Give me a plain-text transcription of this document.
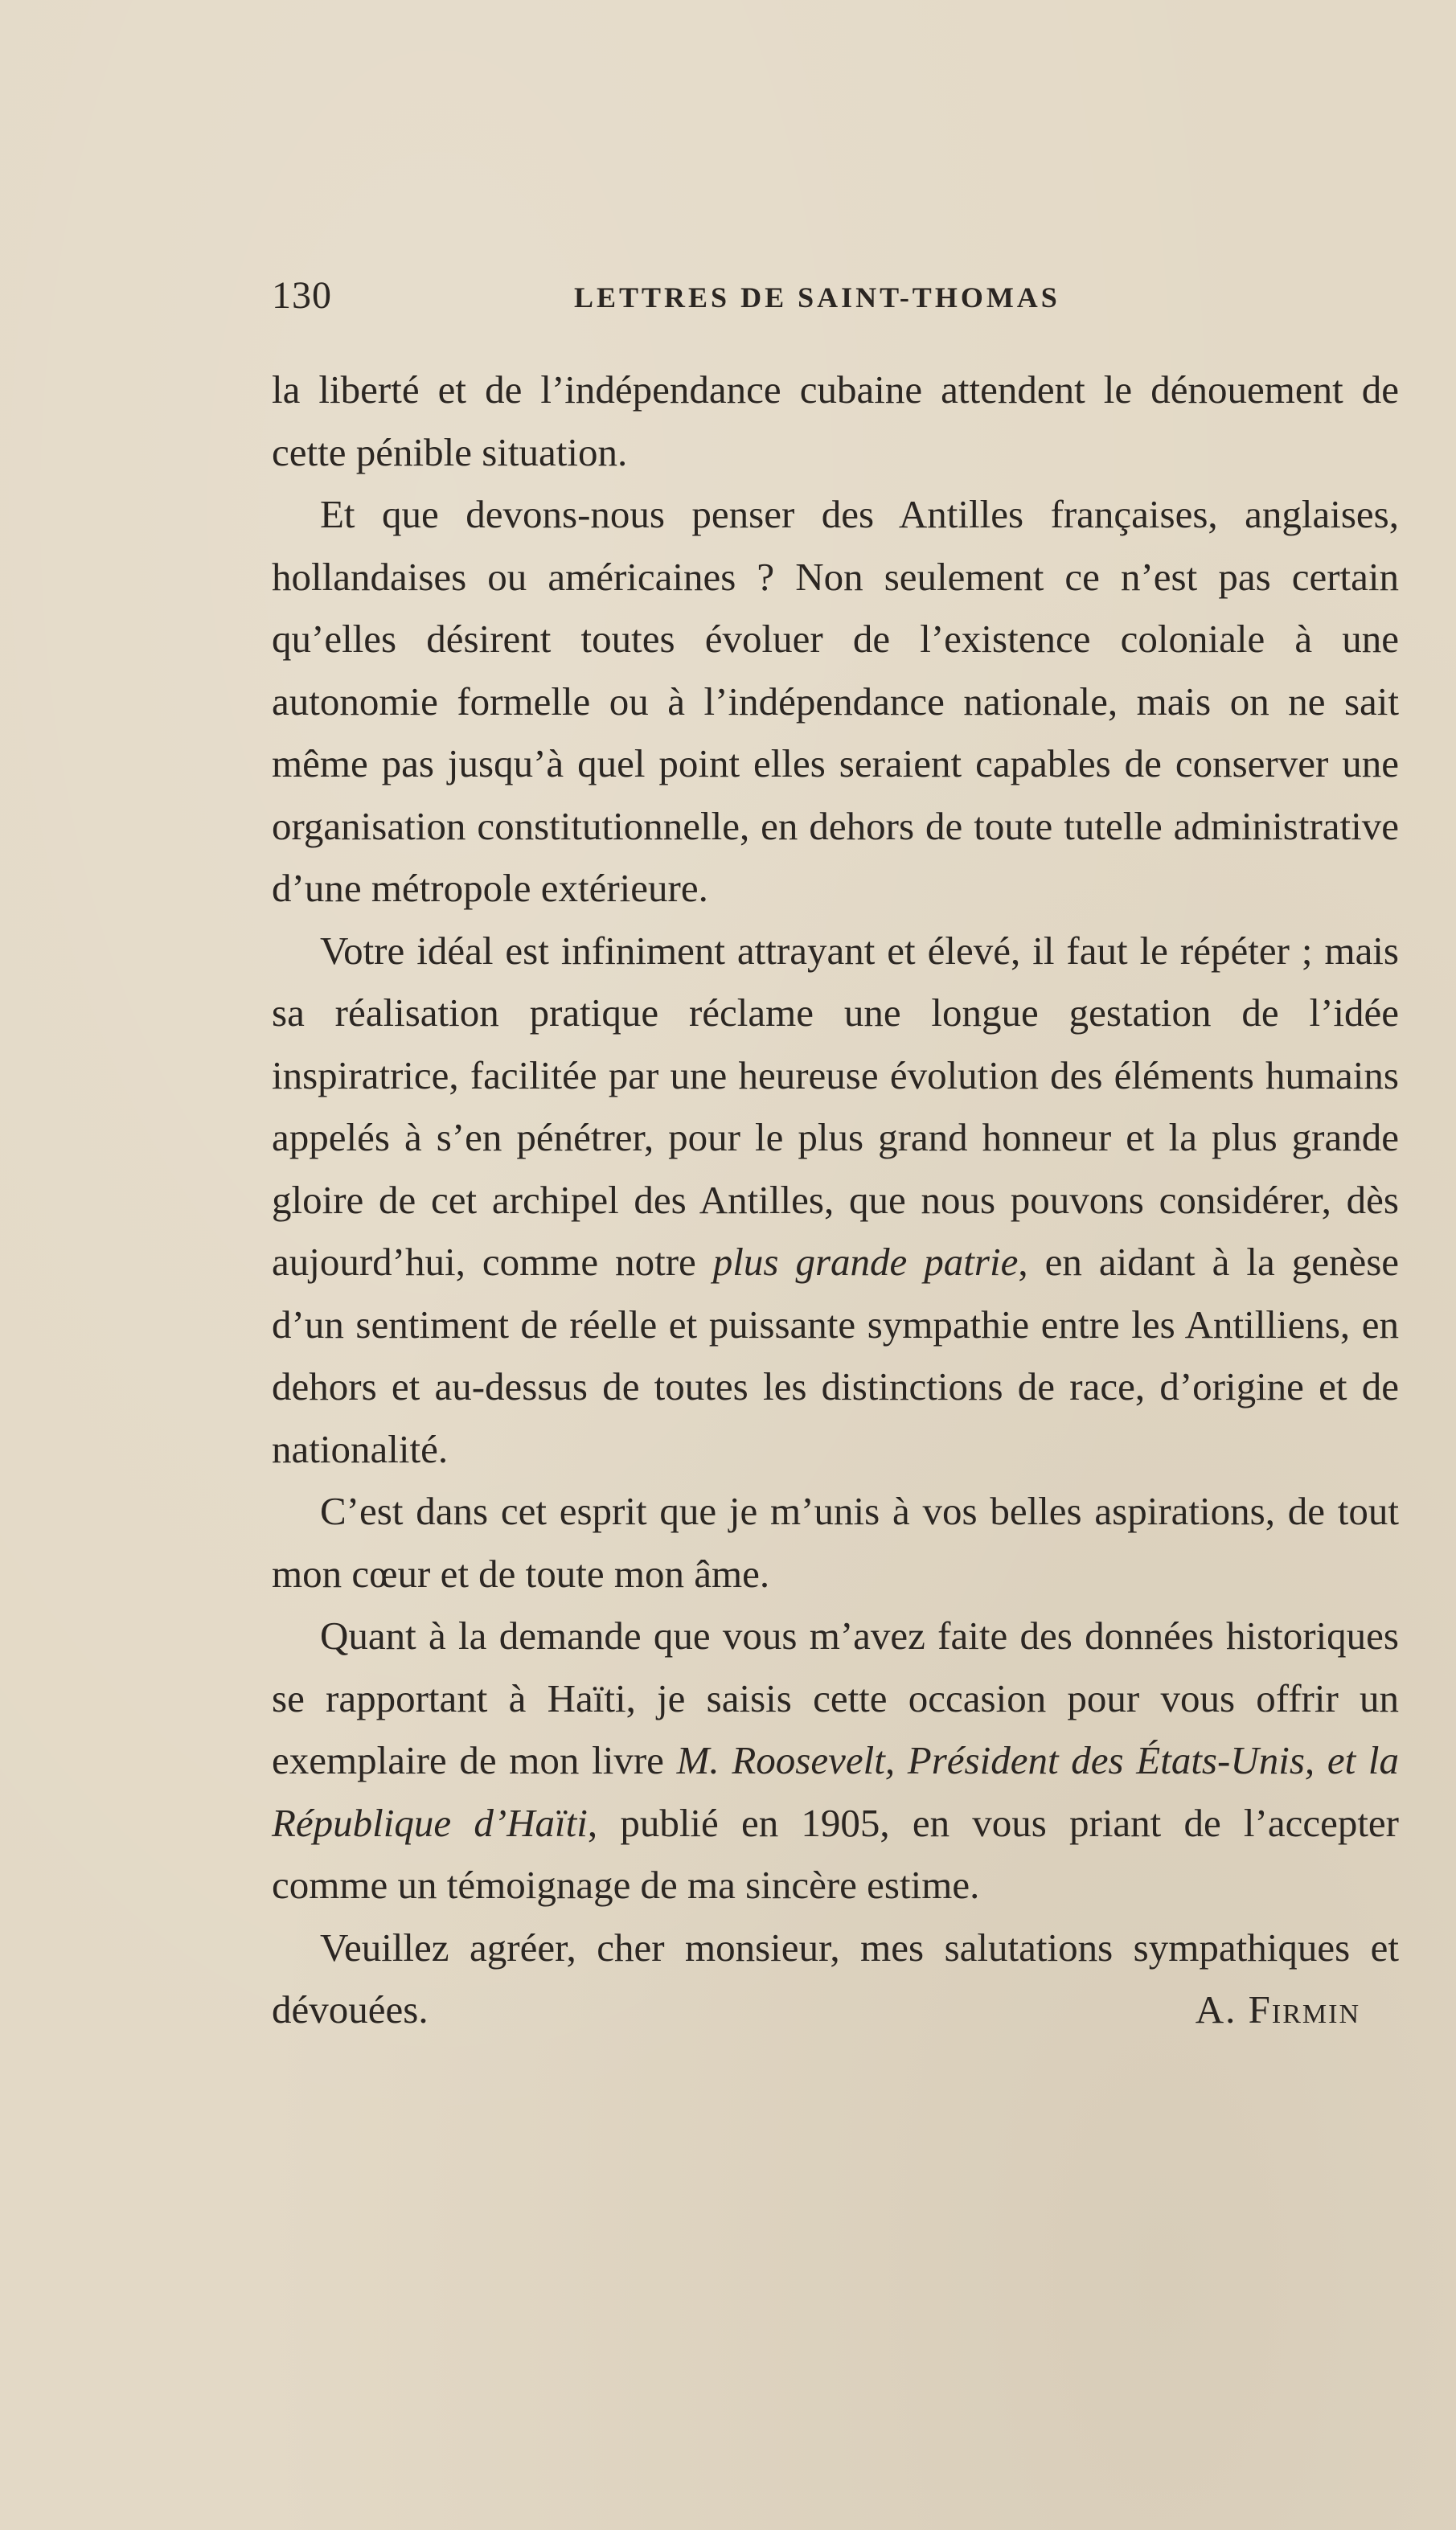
130	LETTRES DE SAINT-THOMAS

la liberté et de l’indépendance cubaine attendent le dénouement de cette pénible situation.

Et que devons-nous penser des Antilles françaises, anglaises, hollandaises ou américaines ? Non seulement ce n’est pas certain qu’elles désirent toutes évoluer de l’existence coloniale à une autonomie formelle ou à l’indépendance nationale, mais on ne sait même pas jusqu’à quel point elles seraient capables de conserver une organisation constitutionnelle, en dehors de toute tutelle administrative d’une métropole extérieure.

Votre idéal est infiniment attrayant et élevé, il faut le répéter ; mais sa réalisation pratique réclame une longue gestation de l’idée inspiratrice, facilitée par une heureuse évolution des éléments humains appelés à s’en pénétrer, pour le plus grand honneur et la plus grande gloire de cet archipel des Antilles, que nous pouvons considérer, dès aujourd’hui, comme notre plus grande patrie, en aidant à la genèse d’un sentiment de réelle et puissante sympathie entre les Antilliens, en dehors et au-dessus de toutes les distinctions de race, d’origine et de nationalité.

C’est dans cet esprit que je m’unis à vos belles aspirations, de tout mon cœur et de toute mon âme.

Quant à la demande que vous m’avez faite des données historiques se rapportant à Haïti, je saisis cette occasion pour vous offrir un exemplaire de mon livre M. Roosevelt, Président des États-Unis, et la République d’Haïti, publié en 1905, en vous priant de l’accepter comme un témoignage de ma sincère estime.

Veuillez agréer, cher monsieur, mes salutations sympathiques et dévouées.	A. Firmin
